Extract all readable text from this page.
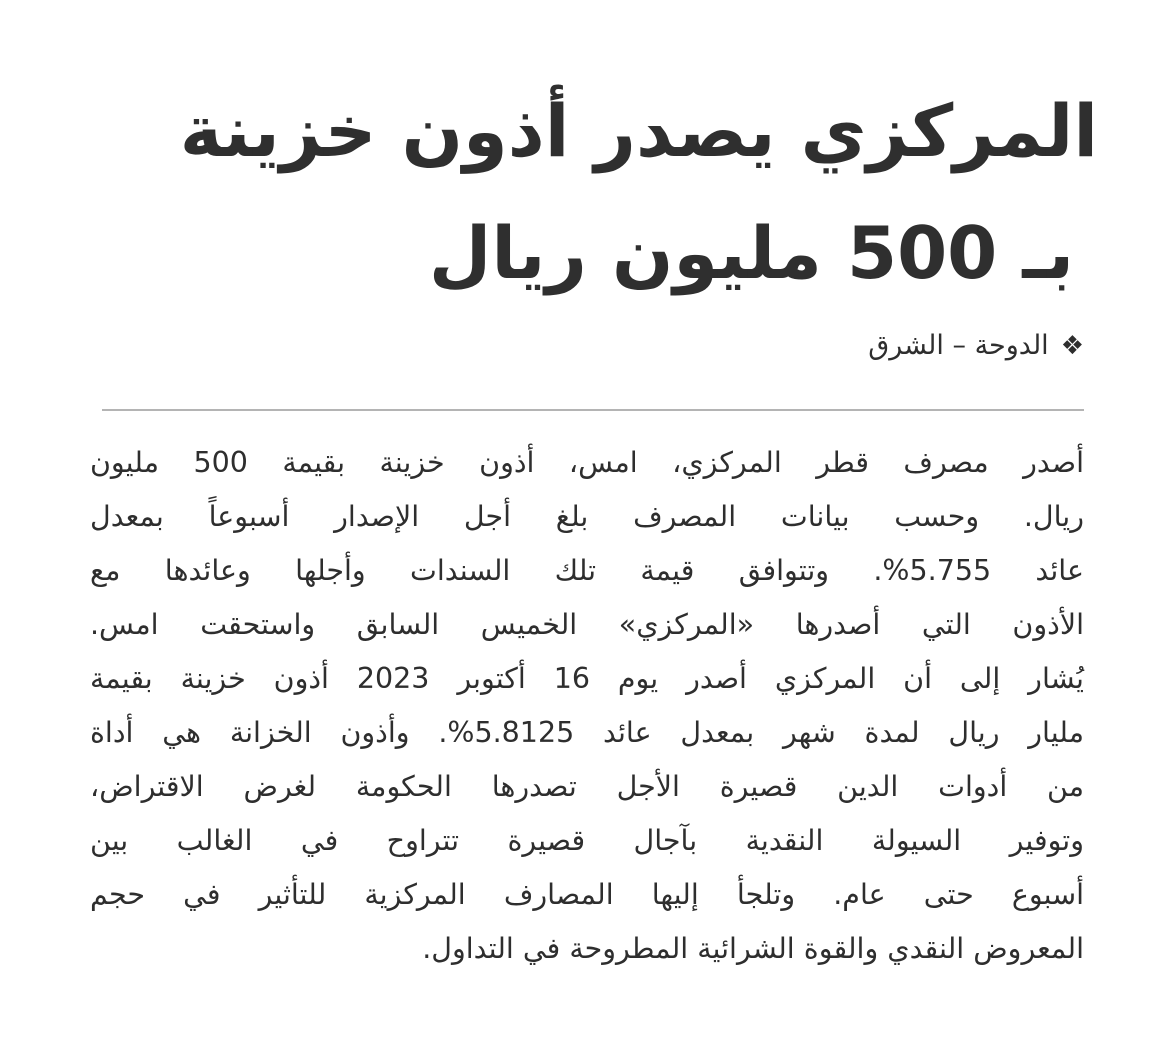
المركزي يصدر أذون خزينة
بـ 500 مليون ريال
❖
الدوحة – الشرق
أصدر مصرف قطر المركزي، امس، أذون خزينة بقيمة 500 مليون
ريال. وحسب بيانات المصرف بلغ أجل الإصدار أسبوعاً بمعدل
عائد 5.755%. وتتوافق قيمة تلك السندات وأجلها وعائدها مع
الأذون التي أصدرها «المركزي» الخميس السابق واستحقت امس.
يُشار إلى أن المركزي أصدر يوم 16 أكتوبر 2023 أذون خزينة بقيمة
مليار ريال لمدة شهر بمعدل عائد 5.8125%. وأذون الخزانة هي أداة
من أدوات الدين قصيرة الأجل تصدرها الحكومة لغرض الاقتراض،
وتوفير السيولة النقدية بآجال قصيرة تتراوح في الغالب بين
أسبوع حتى عام. وتلجأ إليها المصارف المركزية للتأثير في حجم
المعروض النقدي والقوة الشرائية المطروحة في التداول.
